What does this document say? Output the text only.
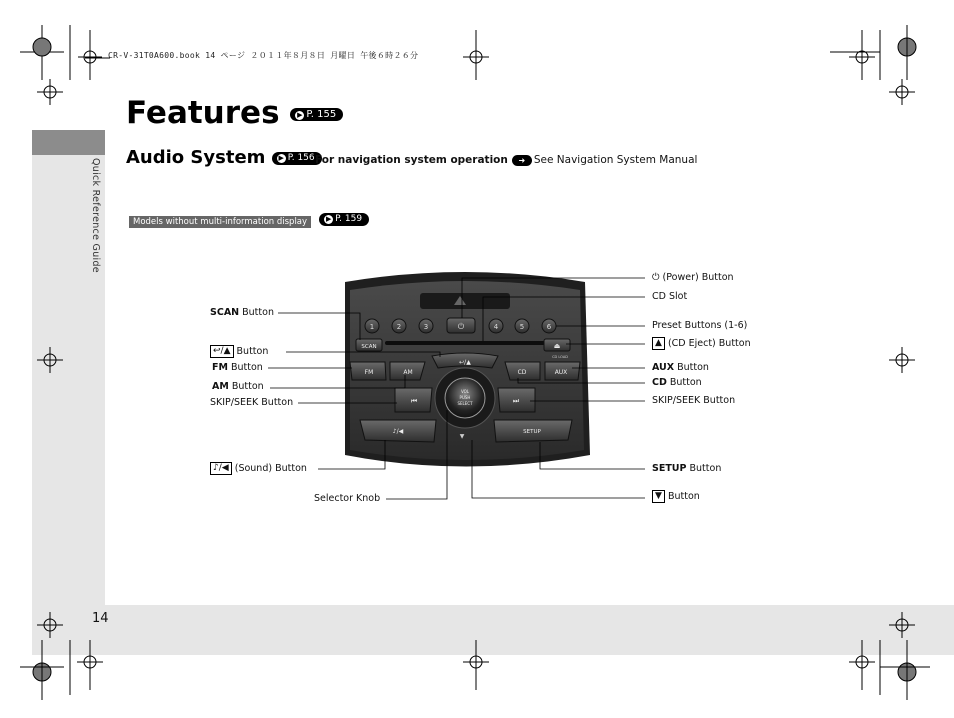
Quick Reference Guide
14
CR-V-31T0A600.book 14 ページ ２０１１年８月８日 月曜日 午後６時２６分
Features	▶ P. 155
Audio System ▶ P. 156 For navigation system operation ➜ See Navigation System Manual
Models without multi-information display	▶ P. 159
1	2	3	⏻	4	5	6
SCAN	⏏
CD LOAD
↩/▲
FM	AM	CD	AUX
VOL
PUSH
SELECT
⏮	⏭
♪/◀	SETUP
▼
⏻ (Power) Button
CD Slot
Preset Buttons (1-6)
▲ (CD Eject) Button
AUX Button
CD Button
SKIP/SEEK Button
SETUP Button
▼ Button
SCAN Button
↩/▲ Button
FM Button
AM Button
SKIP/SEEK Button
♪/◀ (Sound) Button
Selector Knob
